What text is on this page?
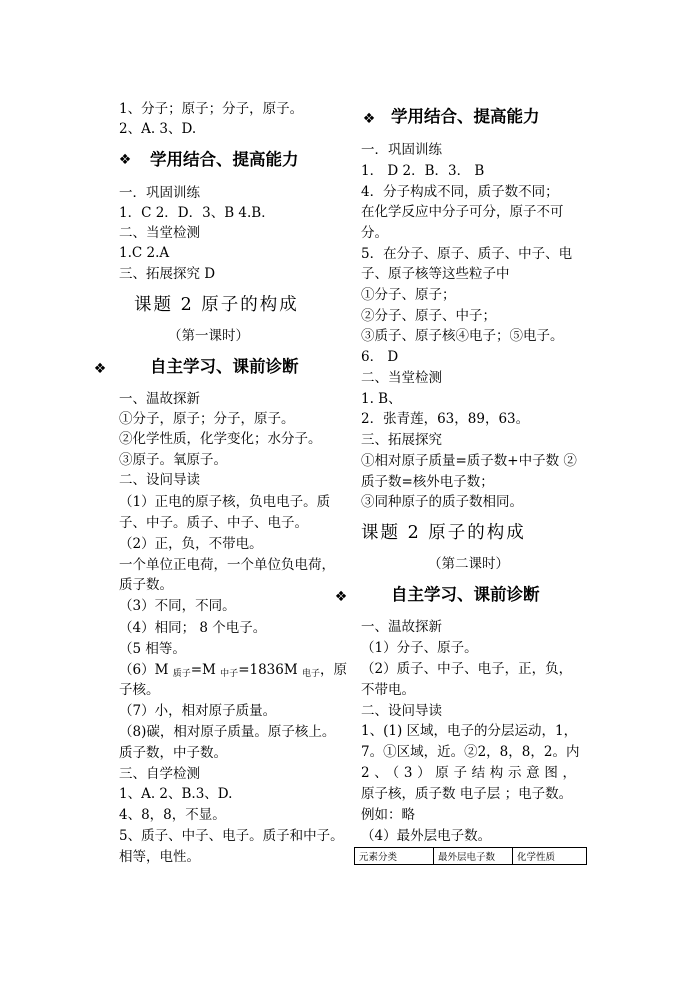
1、分子；原子；分子，原子。
2、A. 3、D.
❖ 学用结合、提高能力
一．巩固训练
1．C 2．D．3、B 4.B．
二、当堂检测
1.C 2.A
三、拓展探究 D
课题 2 原子的构成
（第一课时）
❖	自主学习、课前诊断
一、温故探新
①分子，原子；分子，原子。
②化学性质，化学变化；水分子。
③原子。氧原子。
二、设问导读
（1）正电的原子核，负电电子。质
子、中子。质子、中子、电子。
（2）正，负，不带电。
一个单位正电荷，一个单位负电荷，
质子数。
（3）不同，不同。
（4）相同； 8 个电子。
（5 相等。
（6）M $_{质子}$=M $_{中子}$=1836M $_{电子}$，原
子核。
（7）小，相对原子质量。
（8)碳，相对原子质量。原子核上。
质子数，中子数。
三、自学检测
1、A. 2、B.3、D.
4、8，8，不显。
5、质子、中子、电子。质子和中子。
相等，电性。
❖ 学用结合、提高能力
一．巩固训练
1． D 2．B．3． B
4．分子构成不同，质子数不同；
在化学反应中分子可分，原子不可
分。
5．在分子、原子、质子、中子、电
子、原子核等这些粒子中
①分子、原子；
②分子、原子、中子；
③质子、原子核④电子；⑤电子。
6． D
二、当堂检测
1. B、
2．张青莲，63，89，63。
三、拓展探究
①相对原子质量=质子数+中子数 ②
质子数=核外电子数；
③同种原子的质子数相同。
课题 2 原子的构成
（第二课时）
❖	自主学习、课前诊断
一、温故探新
（1）分子、原子。
（2）质子、中子、电子，正，负，
不带电。
二、设问导读
1、(1) 区域，电子的分层运动，1，
7。①区域，近。②2，8，8，2。内
2、（3）原子结构示意图，
原子核，质子数 电子层 ；电子数。
例如：略
（4）最外层电子数。
元素分类	最外层电子数	化学性质
